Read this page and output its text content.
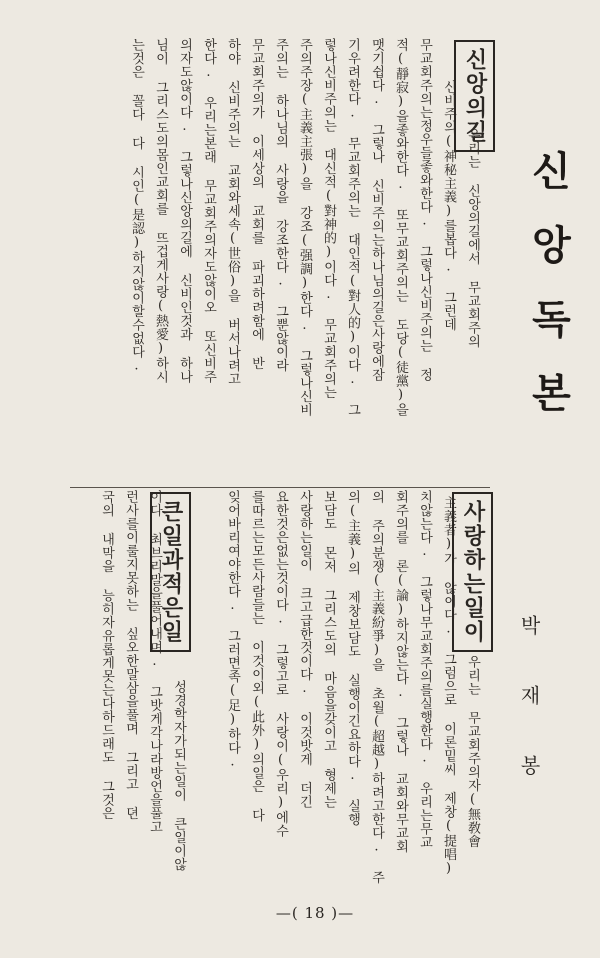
신앙독본
박재봉
신앙의길
우리는 신앙의길에서 무교회주의
신비주의(神秘主義)를봅다. 그런데
무교회주의는정우들좋와한다. 그렇나신비주의는 정
적(靜寂)을좋와한다. 또무교회주의는 도당(徒黨)을
맷기쉽다. 그렇나 신비주의는하나님의길은사랑에잠
기우려한다. 무교회주의는 대인적(對人的)이다. 그
렇나신비주의는 대신적(對神的)이다. 무교회주의는
주의주장(主義主張)을 강조(强調)한다. 그렇나신비
주의는 하나님의 사랑을 강조한다. 그뿐않이라
무교회주의가 이세상의 교회를 파괴하려함에 반
하야 신비주의는 교회와세속(世俗)을 버서나려고
한다. 우리는본래 무교회주의자도않이오 또신비주
의자도않이다. 그렇나신앙의길에 신비인것과 하나
님이 그리스도의몸인교회를 뜨겁게사랑(熱愛)하시
는것은 꼴다 다 시인(是認)하지않이할수없다.
사랑하는일이
우리는 무교회주의자(無敎會
主義者)가 않이다. 그럼으로 이론밑씨 제창(提唱)
치않는다. 그렇나무교회주의를실행한다. 우리는무교
회주의를 론(論)하지않는다. 그렇나 교회와무교회
의 주의분쟁(主義紛爭)을 초월(超越)하려고한다. 주
의(主義)의 제창보담도 실행이긴요하다. 실행
보담도 몬저 그리스도의 마음을갖이고 형제는
사랑하는일이 크고급한것이다. 이것밧게 더긴
요한것은없는것이다. 그렇고로 사랑이(우리)에수
를따르는모든사람들는 이것이외(此外)의일은 다
잊어바리여야한다. 그러면족(足)하다.
큰일과적은일
성경학자가되는일이 큰일이않
이다 최브리말을풀어내며. 그밧게각나라방언을풀고
런사를이룰지못하는 싶오한말삼을풀며 그리고 뎐
국의 내막을 능히자유롭게못는다하드래도 그것은
—( 18 )—
